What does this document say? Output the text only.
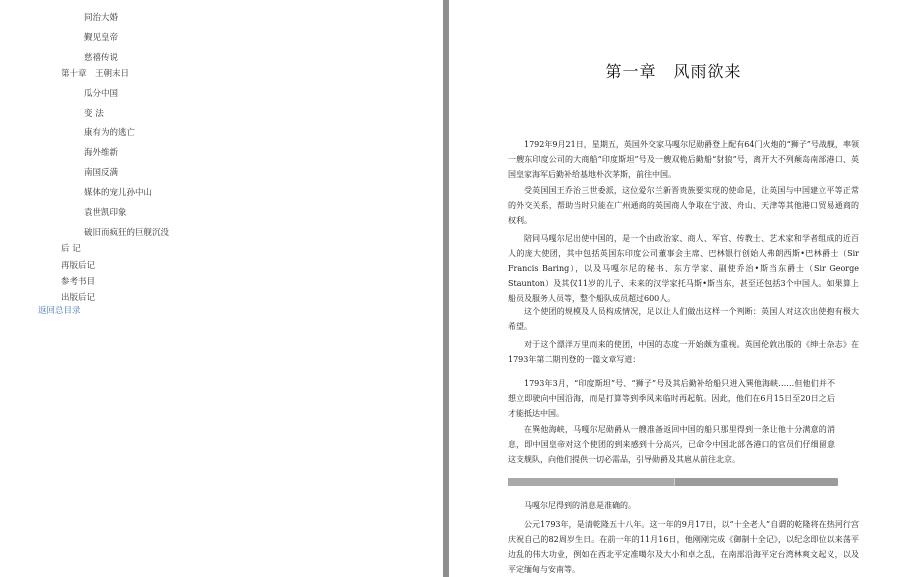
同治大婚
觐见皇帝
慈禧传说
第十章　王朝末日
瓜分中国
变 法
康有为的逃亡
海外维新
南国反满
媒体的宠儿孙中山
袁世凯印象
破旧而疯狂的巨舰沉没
后 记
再版后记
参考书目
出版后记
返回总目录
第一章　风雨欲来
1792年9月21日，星期五，英国外交家马嘎尔尼勋爵登上配有64门火炮的“狮子”号战舰，率领一艘东印度公司的大商船“印度斯坦”号及一艘双桅后勤船“豺狼”号，离开大不列颠岛南部港口、英国皇家海军后勤补给基地朴次茅斯，前往中国。
受英国国王乔治三世委派，这位爱尔兰新晋贵族要实现的使命是，让英国与中国建立平等正常的外交关系，帮助当时只能在广州通商的英国商人争取在宁波、舟山、天津等其他港口贸易通商的权利。
陪同马嘎尔尼出使中国的，是一个由政治家、商人、军官、传教士、艺术家和学者组成的近百人的庞大使团，其中包括英国东印度公司董事会主席、巴林银行创始人弗朗西斯•巴林爵士（Sir Francis Baring），以及马嘎尔尼的秘书、东方学家、副使乔治•斯当东爵士（Sir George Staunton）及其仅11岁的儿子、未来的汉学家托马斯•斯当东，甚至还包括3个中国人。如果算上船员及服务人员等，整个船队成员超过600人。
这个使团的规模及人员构成情况，足以让人们做出这样一个判断：英国人对这次出使抱有极大希望。
对于这个漂洋万里而来的使团，中国的态度一开始颇为重视。英国伦敦出版的《绅士杂志》在1793年第二期刊登的一篇文章写道：
1793年3月，“印度斯坦”号、“狮子”号及其后勤补给船只进入巽他海峡……但他们并不想立即驶向中国沿海，而是打算等到季风来临时再起航。因此，他们在6月15日至20日之后才能抵达中国。
在巽他海峡，马嘎尔尼勋爵从一艘准备返回中国的船只那里得到一条让他十分满意的消息，即中国皇帝对这个使团的到来感到十分高兴，已命令中国北部各港口的官员们仔细留意这支舰队，向他们提供一切必需品，引导勋爵及其扈从前往北京。
马嘎尔尼得到的消息是准确的。
公元1793年，是清乾隆五十八年。这一年的9月17日，以“十全老人”自谓的乾隆将在热河行宫庆祝自己的82周岁生日。在前一年的11月16日，他刚刚完成《御制十全记》，以纪念即位以来荡平边乱的伟大功业，例如在西北平定准噶尔及大小和卓之乱，在南部沿海平定台湾林爽文起义，以及平定缅甸与安南等。
